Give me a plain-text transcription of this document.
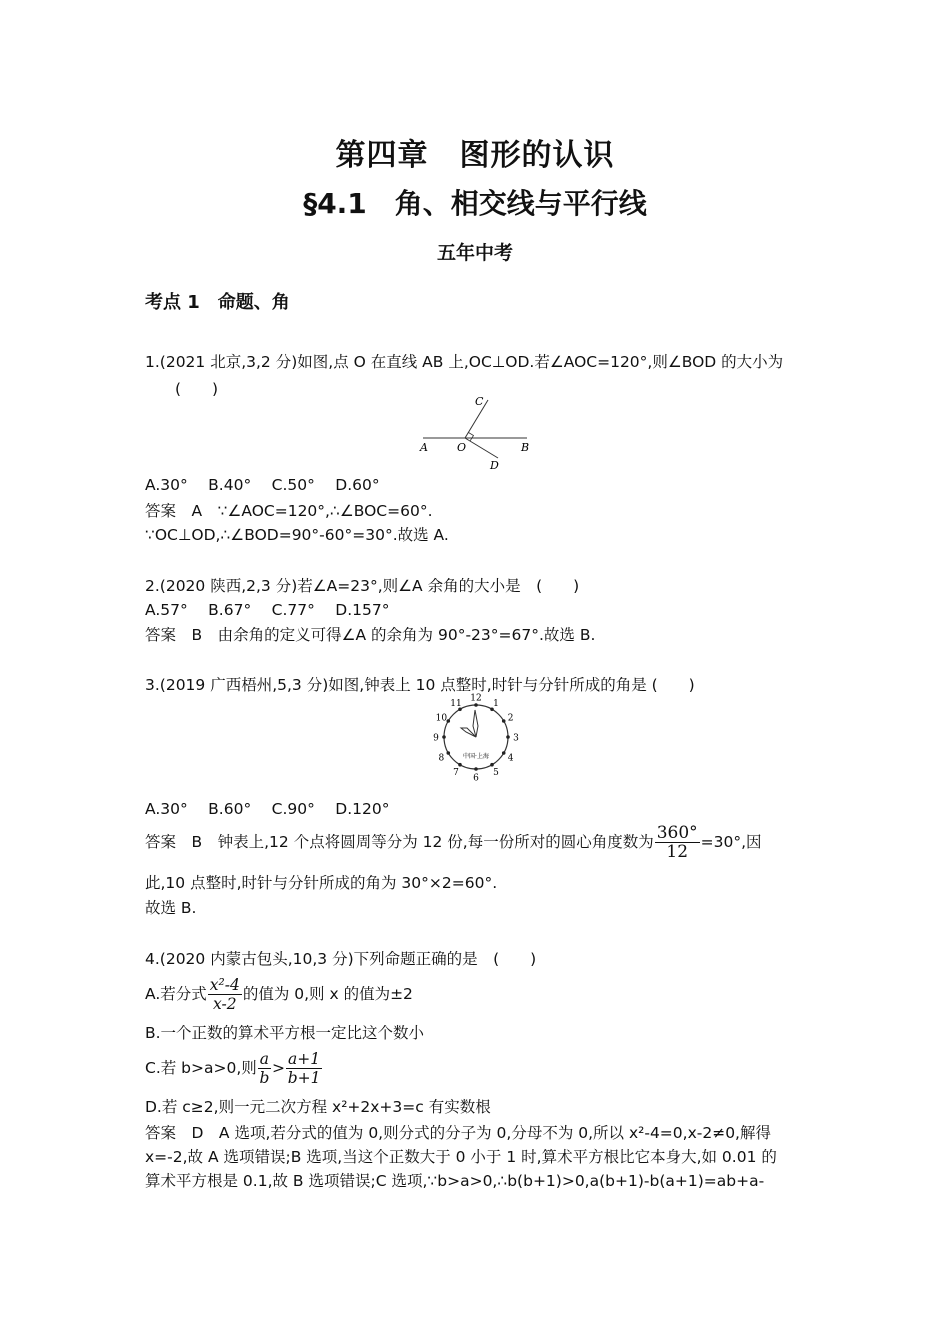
第四章　图形的认识
§4.1　角、相交线与平行线
五年中考
考点 1　命题、角
1.(2021 北京,3,2 分)如图,点 O 在直线 AB 上,OC⊥OD.若∠AOC=120°,则∠BOD 的大小为
(　　)
A	O	B
C
D
A.30°　 B.40°　 C.50°　 D.60°
答案　A　∵∠AOC=120°,∴∠BOC=60°.
∵OC⊥OD,∴∠BOD=90°-60°=30°.故选 A.
2.(2020 陕西,2,3 分)若∠A=23°,则∠A 余角的大小是　(　　)
A.57°　 B.67°　 C.77°　 D.157°
答案　B　由余角的定义可得∠A 的余角为 90°-23°=67°.故选 B.
3.(2019 广西梧州,5,3 分)如图,钟表上 10 点整时,时针与分针所成的角是 (　　)
12
1
2
3
4
5
6
7
8
9
10
11
中国·上海
A.30°　 B.60°　 C.90°　 D.120°
答案　B　钟表上,12 个点将圆周等分为 12 份,每一份所对的圆心角度数为 $\frac{360^\circ}{12} =30^\circ$,因
此,10 点整时,时针与分针所成的角为 30°×2=60°.
故选 B.
4.(2020 内蒙古包头,10,3 分)下列命题正确的是　(　　)
A.若分式 $\frac{\text{x²-4}}{x-2}$ 的值为 0,则 x 的值为±2
B.一个正数的算术平方根一定比这个数小
C.若 b>a>0,则 $\frac{a}{b} > \frac{a+1}{b+1}$
D.若 c≥2,则一元二次方程 x²+2x+3=c 有实数根
答案　D　A 选项,若分式的值为 0,则分式的分子为 0,分母不为 0,所以 x²-4=0,x-2≠0,解得
x=-2,故 A 选项错误;B 选项,当这个正数大于 0 小于 1 时,算术平方根比它本身大,如 0.01 的
算术平方根是 0.1,故 B 选项错误;C 选项,∵b>a>0,∴b(b+1)>0,a(b+1)-b(a+1)=ab+a-
